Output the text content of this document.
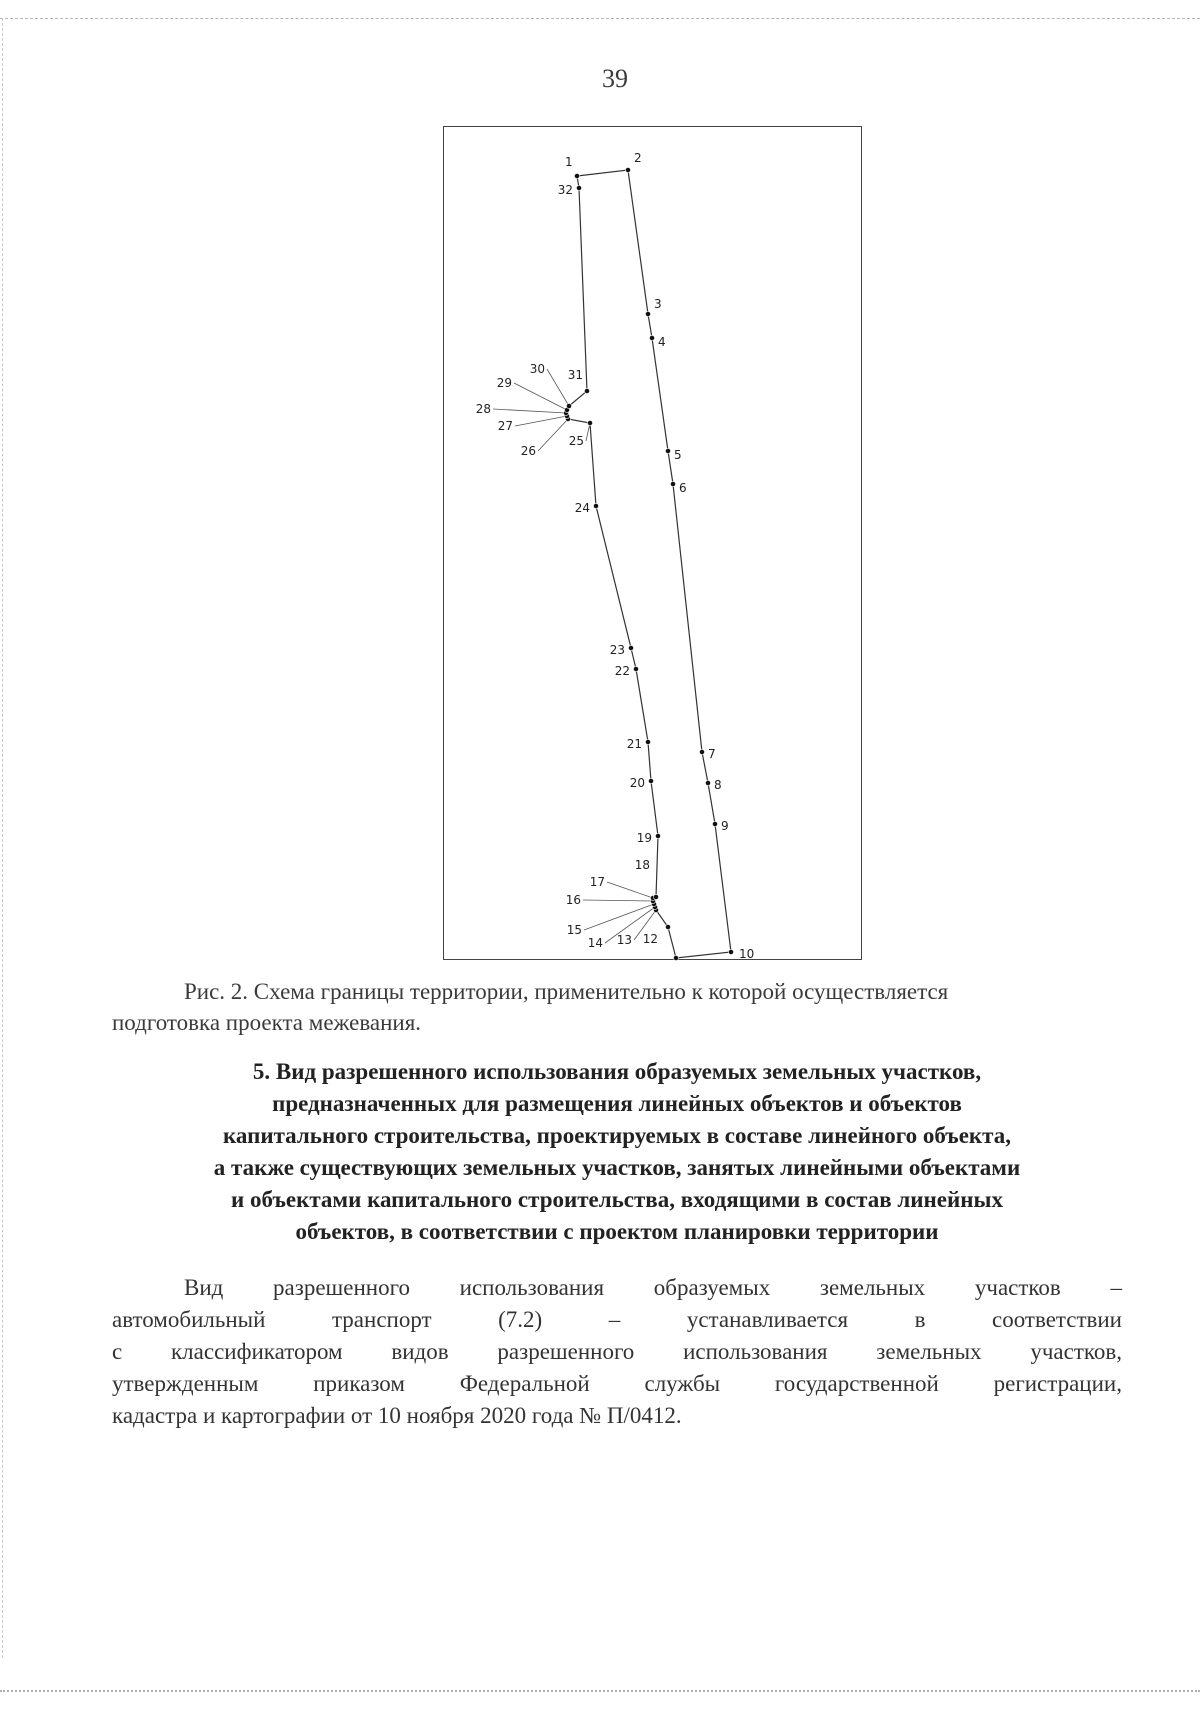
39
1	2
3
4
5
6
7
8
9
10
12
13
14
15
16
17
18
19
20
21
22
23
24
25
26
27
28
29
30 31
32
Рис. 2. Схема границы территории, применительно к которой осуществляется
подготовка проекта межевания.
5. Вид разрешенного использования образуемых земельных участков,
предназначенных для размещения линейных объектов и объектов
капитального строительства, проектируемых в составе линейного объекта,
а также существующих земельных участков, занятых линейными объектами
и объектами капитального строительства, входящими в состав линейных
объектов, в соответствии с проектом планировки территории
Вид разрешенного использования образуемых земельных участков –
автомобильный транспорт (7.2) – устанавливается в соответствии
с классификатором видов разрешенного использования земельных участков,
утвержденным приказом Федеральной службы государственной регистрации,
кадастра и картографии от 10 ноября 2020 года № П/0412.
